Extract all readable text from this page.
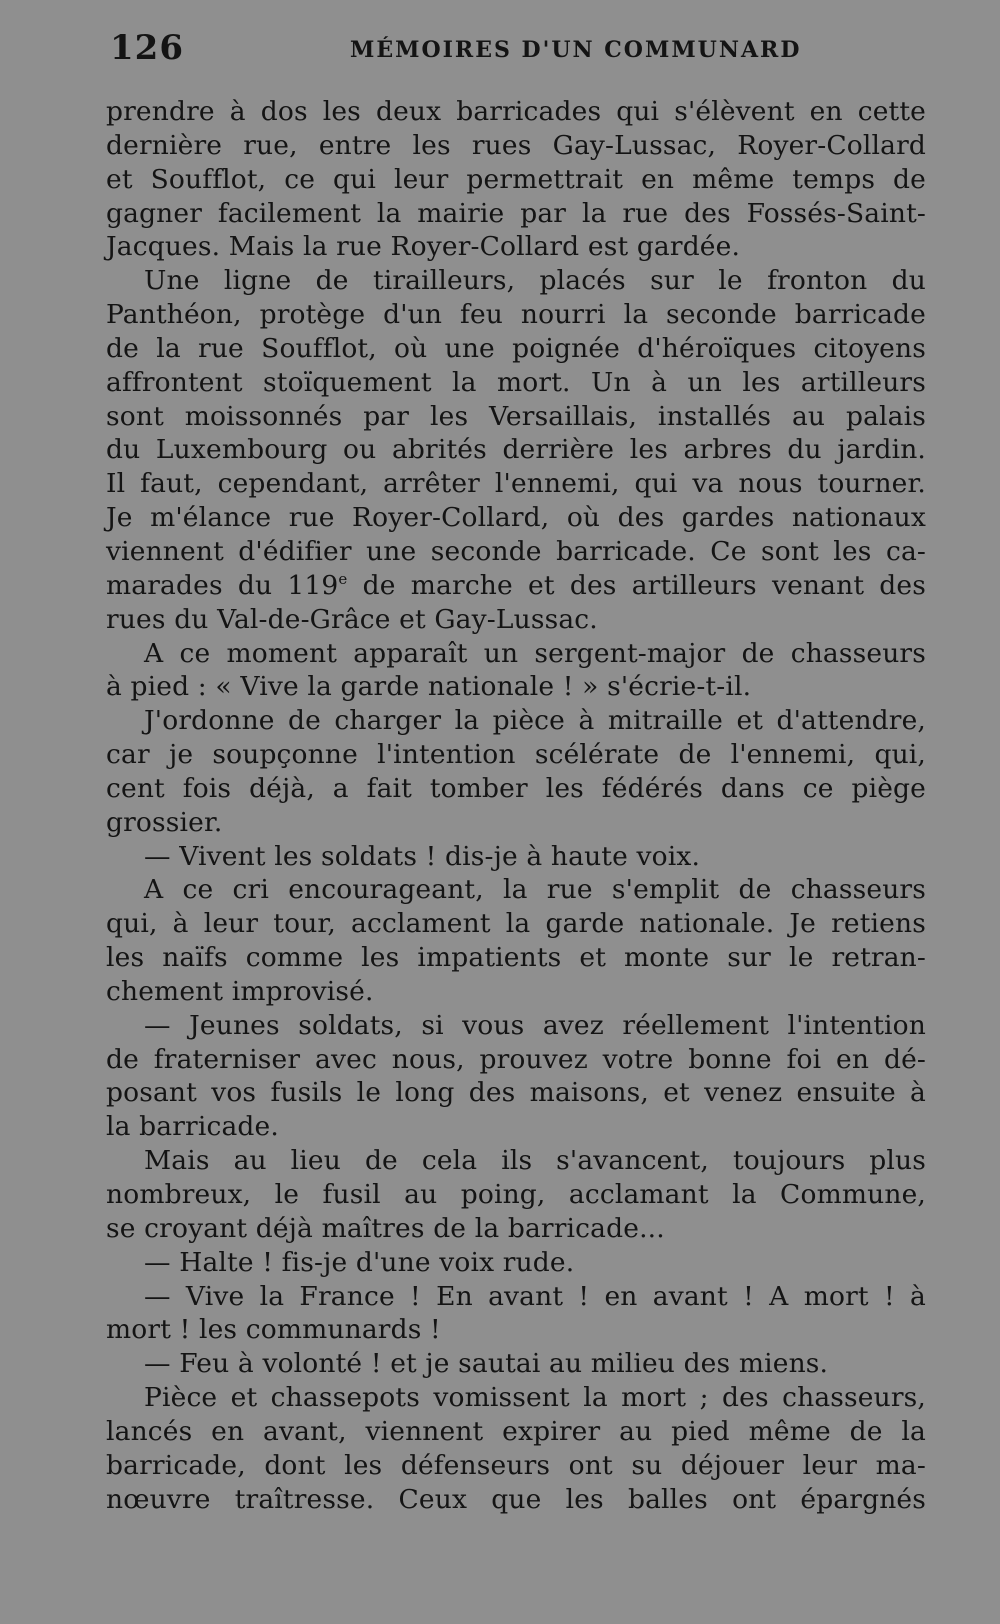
126	MÉMOIRES D'UN COMMUNARD
prendre à dos les deux barricades qui s'élèvent en cette
dernière rue, entre les rues Gay-Lussac, Royer-Collard
et Soufflot, ce qui leur permettrait en même temps de
gagner facilement la mairie par la rue des Fossés-Saint-
Jacques. Mais la rue Royer-Collard est gardée.
Une ligne de tirailleurs, placés sur le fronton du
Panthéon, protège d'un feu nourri la seconde barricade
de la rue Soufflot, où une poignée d'héroïques citoyens
affrontent stoïquement la mort. Un à un les artilleurs
sont moissonnés par les Versaillais, installés au palais
du Luxembourg ou abrités derrière les arbres du jardin.
Il faut, cependant, arrêter l'ennemi, qui va nous tourner.
Je m'élance rue Royer-Collard, où des gardes nationaux
viennent d'édifier une seconde barricade. Ce sont les ca-
marades du 119e de marche et des artilleurs venant des
rues du Val-de-Grâce et Gay-Lussac.
A ce moment apparaît un sergent-major de chasseurs
à pied : « Vive la garde nationale ! » s'écrie-t-il.
J'ordonne de charger la pièce à mitraille et d'attendre,
car je soupçonne l'intention scélérate de l'ennemi, qui,
cent fois déjà, a fait tomber les fédérés dans ce piège
grossier.
— Vivent les soldats ! dis-je à haute voix.
A ce cri encourageant, la rue s'emplit de chasseurs
qui, à leur tour, acclament la garde nationale. Je retiens
les naïfs comme les impatients et monte sur le retran-
chement improvisé.
— Jeunes soldats, si vous avez réellement l'intention
de fraterniser avec nous, prouvez votre bonne foi en dé-
posant vos fusils le long des maisons, et venez ensuite à
la barricade.
Mais au lieu de cela ils s'avancent, toujours plus
nombreux, le fusil au poing, acclamant la Commune,
se croyant déjà maîtres de la barricade...
— Halte ! fis-je d'une voix rude.
— Vive la France ! En avant ! en avant ! A mort ! à
mort ! les communards !
— Feu à volonté ! et je sautai au milieu des miens.
Pièce et chassepots vomissent la mort ; des chasseurs,
lancés en avant, viennent expirer au pied même de la
barricade, dont les défenseurs ont su déjouer leur ma-
nœuvre traîtresse. Ceux que les balles ont épargnés
